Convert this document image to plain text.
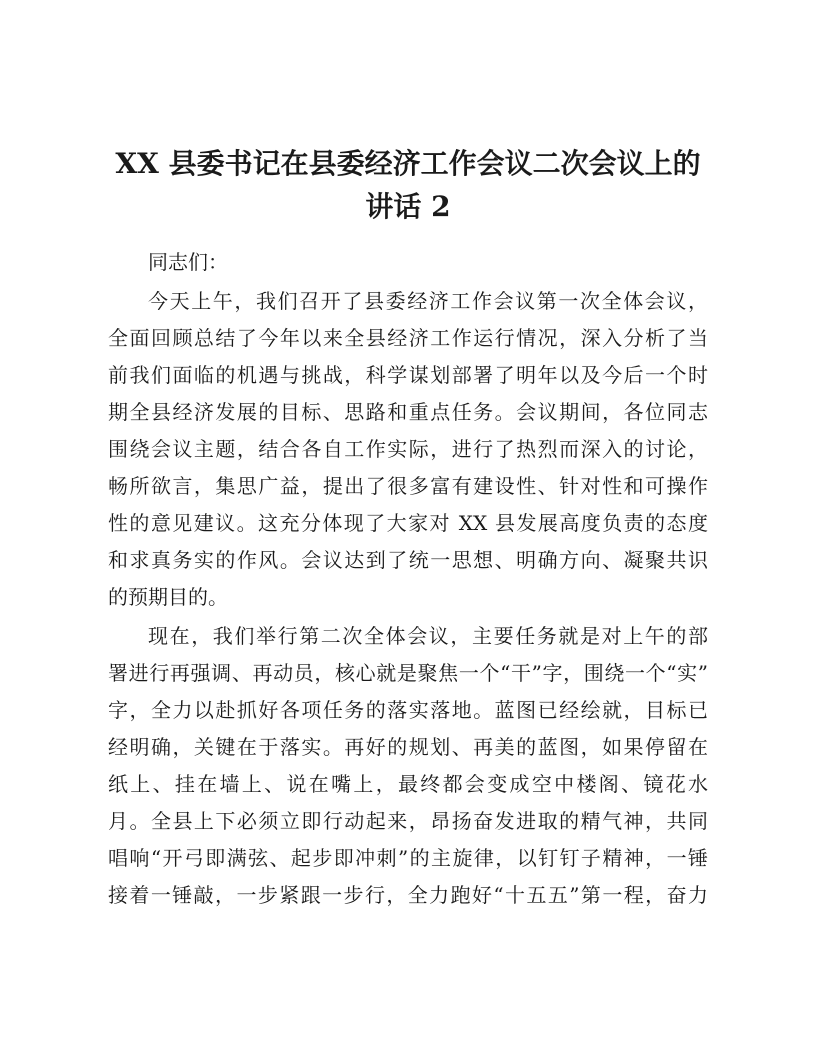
XX 县委书记在县委经济工作会议二次会议上的
讲话 2
同志们：
今天上午，我们召开了县委经济工作会议第一次全体会议，
全面回顾总结了今年以来全县经济工作运行情况，深入分析了当
前我们面临的机遇与挑战，科学谋划部署了明年以及今后一个时
期全县经济发展的目标、思路和重点任务。会议期间，各位同志
围绕会议主题，结合各自工作实际，进行了热烈而深入的讨论，
畅所欲言，集思广益，提出了很多富有建设性、针对性和可操作
性的意见建议。这充分体现了大家对 XX 县发展高度负责的态度
和求真务实的作风。会议达到了统一思想、明确方向、凝聚共识
的预期目的。
现在，我们举行第二次全体会议，主要任务就是对上午的部
署进行再强调、再动员，核心就是聚焦一个“干”字，围绕一个“实”
字，全力以赴抓好各项任务的落实落地。蓝图已经绘就，目标已
经明确，关键在于落实。再好的规划、再美的蓝图，如果停留在
纸上、挂在墙上、说在嘴上，最终都会变成空中楼阁、镜花水
月。全县上下必须立即行动起来，昂扬奋发进取的精气神，共同
唱响“开弓即满弦、起步即冲刺”的主旋律，以钉钉子精神，一锤
接着一锤敲，一步紧跟一步行，全力跑好“十五五”第一程，奋力
